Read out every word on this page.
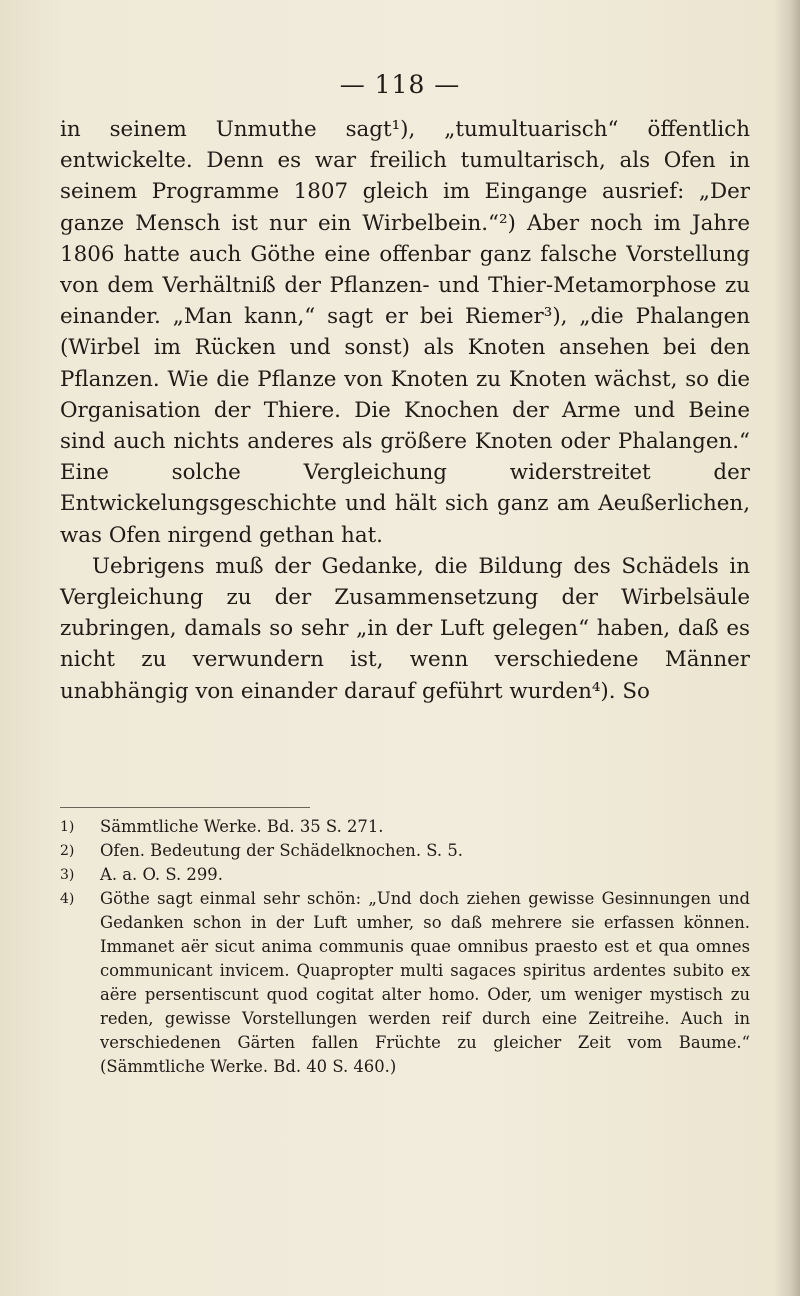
— 118 —

in seinem Unmuthe sagt¹), „tumultuarisch“ öffentlich entwickelte. Denn es war freilich tumultarisch, als Ofen in seinem Programme 1807 gleich im Eingange ausrief: „Der ganze Mensch ist nur ein Wirbelbein.“²) Aber noch im Jahre 1806 hatte auch Göthe eine offenbar ganz falsche Vorstellung von dem Verhältniß der Pflanzen- und Thier-Metamorphose zu einander. „Man kann,“ sagt er bei Riemer³), „die Phalangen (Wirbel im Rücken und sonst) als Knoten ansehen bei den Pflanzen. Wie die Pflanze von Knoten zu Knoten wächst, so die Organisation der Thiere. Die Knochen der Arme und Beine sind auch nichts anderes als größere Knoten oder Phalangen.“ Eine solche Vergleichung widerstreitet der Entwickelungsgeschichte und hält sich ganz am Aeußerlichen, was Ofen nirgend gethan hat.

Uebrigens muß der Gedanke, die Bildung des Schädels in Vergleichung zu der Zusammensetzung der Wirbelsäule zubringen, damals so sehr „in der Luft gelegen“ haben, daß es nicht zu verwundern ist, wenn verschiedene Männer unabhängig von einander darauf geführt wurden⁴). So

1)	Sämmtliche Werke. Bd. 35 S. 271.
2)	Ofen. Bedeutung der Schädelknochen. S. 5.
3)	A. a. O. S. 299.
4)	Göthe sagt einmal sehr schön: „Und doch ziehen gewisse Gesinnungen und Gedanken schon in der Luft umher, so daß mehrere sie erfassen können. Immanet aër sicut anima communis quae omnibus praesto est et qua omnes communicant invicem. Quapropter multi sagaces spiritus ardentes subito ex aëre persentiscunt quod cogitat alter homo. Oder, um weniger mystisch zu reden, gewisse Vorstellungen werden reif durch eine Zeitreihe. Auch in verschiedenen Gärten fallen Früchte zu gleicher Zeit vom Baume.“ (Sämmtliche Werke. Bd. 40 S. 460.)
